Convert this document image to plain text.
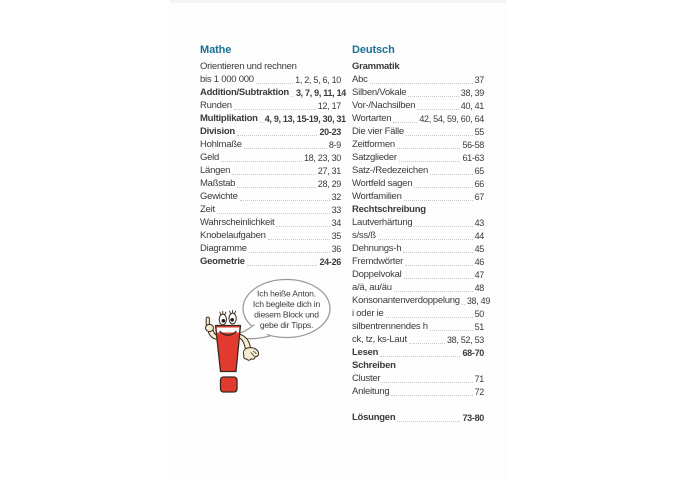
Mathe
Orientieren und rechnen
bis 1 000 000	1, 2, 5, 6, 10
Addition/Subtraktion 3, 7, 9, 11, 14
Runden	12, 17
Multiplikation 4, 9, 13, 15-19, 30, 31
Division	20-23
Hohlmaße	8-9
Geld	18, 23, 30
Längen	27, 31
Maßstab	28, 29
Gewichte	32
Zeit	33
Wahrscheinlichkeit	34
Knobelaufgaben	35
Diagramme	36
Geometrie	24-26
Deutsch
Grammatik
Abc	37
Silben/Vokale	38, 39
Vor-/Nachsilben	40, 41
Wortarten	42, 54, 59, 60, 64
Die vier Fälle	55
Zeitformen	56-58
Satzglieder	61-63
Satz-/Redezeichen	65
Wortfeld sagen	66
Wortfamilien	67
Rechtschreibung
Lautverhärtung	43
s/ss/ß	44
Dehnungs-h	45
Fremdwörter	46
Doppelvokal	47
a/ä, au/äu	48
Konsonantenverdoppelung 38, 49
i oder ie	50
silbentrennendes h	51
ck, tz, ks-Laut	38, 52, 53
Lesen	68-70
Schreiben
Cluster	71
Anleitung	72
Lösungen	73-80
Ich heiße Anton.
Ich begleite dich in
diesem Block und
gebe dir Tipps.
